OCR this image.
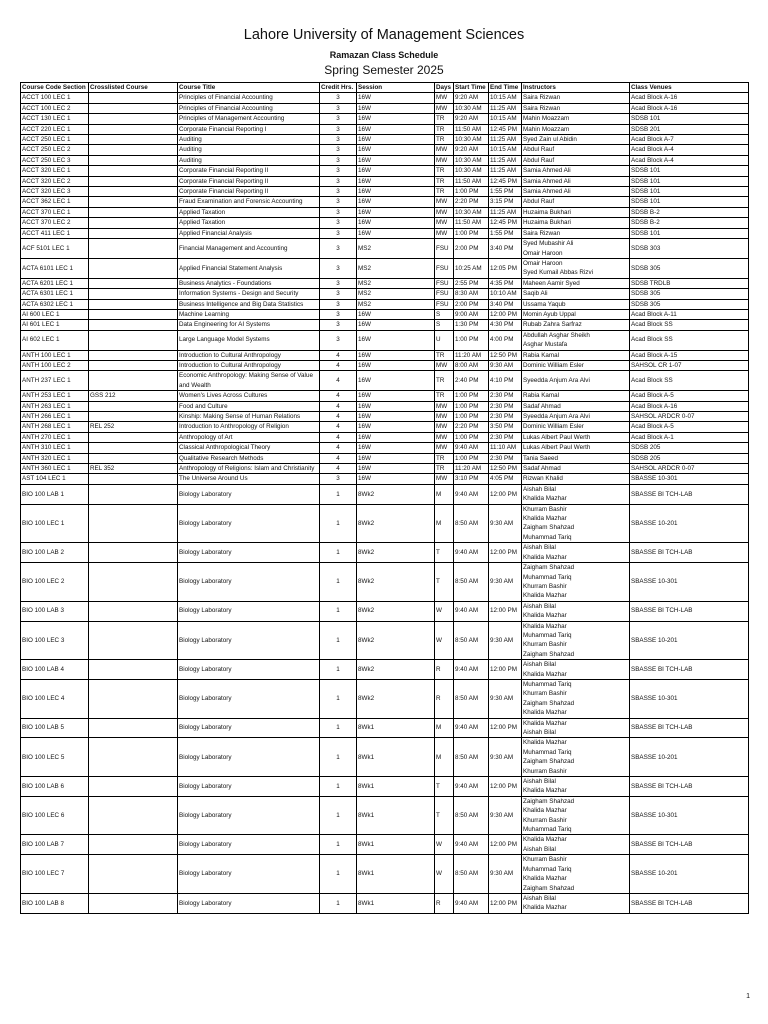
Lahore University of Management Sciences
Ramazan Class Schedule
Spring Semester 2025
Course Code Section	Crosslisted Course	Course Title	Credit Hrs.	Session	Days	Start Time	End Time	Instructors	Class Venues
ACCT 100 LEC 1		Principles of Financial Accounting	3	16W	MW	9:20 AM	10:15 AM	Saira Rizwan	Acad Block A-16
ACCT 100 LEC 2		Principles of Financial Accounting	3	16W	MW	10:30 AM	11:25 AM	Saira Rizwan	Acad Block A-16
ACCT 130 LEC 1		Principles of Management Accounting	3	16W	TR	9:20 AM	10:15 AM	Mahin Moazzam	SDSB 101
ACCT 220 LEC 1		Corporate Financial Reporting I	3	16W	TR	11:50 AM	12:45 PM	Mahin Moazzam	SDSB 201
ACCT 250 LEC 1		Auditing	3	16W	TR	10:30 AM	11:25 AM	Syed Zain ul Abidin	Acad Block A-7
ACCT 250 LEC 2		Auditing	3	16W	MW	9:20 AM	10:15 AM	Abdul Rauf	Acad Block A-4
ACCT 250 LEC 3		Auditing	3	16W	MW	10:30 AM	11:25 AM	Abdul Rauf	Acad Block A-4
ACCT 320 LEC 1		Corporate Financial Reporting II	3	16W	TR	10:30 AM	11:25 AM	Samia Ahmed Ali	SDSB 101
ACCT 320 LEC 2		Corporate Financial Reporting II	3	16W	TR	11:50 AM	12:45 PM	Samia Ahmed Ali	SDSB 101
ACCT 320 LEC 3		Corporate Financial Reporting II	3	16W	TR	1:00 PM	1:55 PM	Samia Ahmed Ali	SDSB 101
ACCT 362 LEC 1		Fraud Examination and Forensic Accounting	3	16W	MW	2:20 PM	3:15 PM	Abdul Rauf	SDSB 101
ACCT 370 LEC 1		Applied Taxation	3	16W	MW	10:30 AM	11:25 AM	Huzaima Bukhari	SDSB B-2
ACCT 370 LEC 2		Applied Taxation	3	16W	MW	11:50 AM	12:45 PM	Huzaima Bukhari	SDSB B-2
ACCT 411 LEC 1		Applied Financial Analysis	3	16W	MW	1:00 PM	1:55 PM	Saira Rizwan	SDSB 101
ACF 5101 LEC 1		Financial Management and Accounting	3	MS2	FSU	2:00 PM	3:40 PM	Syed Mubashir Ali
Omair Haroon	SDSB 303
ACTA 6101 LEC 1		Applied Financial Statement Analysis	3	MS2	FSU	10:25 AM	12:05 PM	Omair Haroon
Syed Kumail Abbas Rizvi	SDSB 305
ACTA 6201 LEC 1		Business Analytics - Foundations	3	MS2	FSU	2:55 PM	4:35 PM	Maheen Aamir Syed	SDSB TRDLB
ACTA 6301 LEC 1		Information Systems - Design and Security	3	MS2	FSU	8:30 AM	10:10 AM	Saqib Ali	SDSB 305
ACTA 6302 LEC 1		Business Intelligence and Big Data Statistics	3	MS2	FSU	2:00 PM	3:40 PM	Ussama Yaqub	SDSB 305
AI 600 LEC 1		Machine Learning	3	16W	S	9:00 AM	12:00 PM	Momin Ayub Uppal	Acad Block A-11
AI 601 LEC 1		Data Engineering for AI Systems	3	16W	S	1:30 PM	4:30 PM	Rubab Zahra Sarfraz	Acad Block SS
AI 602 LEC 1		Large Language Model Systems	3	16W	U	1:00 PM	4:00 PM	Abdullah Asghar Sheikh
Asghar Mustafa	Acad Block SS
ANTH 100 LEC 1		Introduction to Cultural Anthropology	4	16W	TR	11:20 AM	12:50 PM	Rabia Kamal	Acad Block A-15
ANTH 100 LEC 2		Introduction to Cultural Anthropology	4	16W	MW	8:00 AM	9:30 AM	Dominic William Esler	SAHSOL CR 1-07
ANTH 237 LEC 1		Economic Anthropology: Making Sense of Value and Wealth	4	16W	TR	2:40 PM	4:10 PM	Syeedda Anjum Ara Alvi	Acad Block SS
ANTH 253 LEC 1	GSS 212	Women's Lives Across Cultures	4	16W	TR	1:00 PM	2:30 PM	Rabia Kamal	Acad Block A-5
ANTH 263 LEC 1		Food and Culture	4	16W	MW	1:00 PM	2:30 PM	Sadaf Ahmad	Acad Block A-16
ANTH 266 LEC 1		Kinship: Making Sense of Human Relations	4	16W	MW	1:00 PM	2:30 PM	Syeedda Anjum Ara Alvi	SAHSOL ARDCR 0-07
ANTH 268 LEC 1	REL 252	Introduction to Anthropology of Religion	4	16W	MW	2:20 PM	3:50 PM	Dominic William Esler	Acad Block A-5
ANTH 270 LEC 1		Anthropology of Art	4	16W	MW	1:00 PM	2:30 PM	Lukas Albert Paul Werth	Acad Block A-1
ANTH 310 LEC 1		Classical Anthropological Theory	4	16W	MW	9:40 AM	11:10 AM	Lukas Albert Paul Werth	SDSB 205
ANTH 320 LEC 1		Qualitative Research Methods	4	16W	TR	1:00 PM	2:30 PM	Tania Saeed	SDSB 205
ANTH 360 LEC 1	REL 352	Anthropology of Religions: Islam and Christianity	4	16W	TR	11:20 AM	12:50 PM	Sadaf Ahmad	SAHSOL ARDCR 0-07
AST 104 LEC 1		The Universe Around Us	3	16W	MW	3:10 PM	4:05 PM	Rizwan Khalid	SBASSE 10-301
BIO 100 LAB 1		Biology Laboratory	1	8Wk2	M	9:40 AM	12:00 PM	Aishah Bilal
Khalida Mazhar	SBASSE BI TCH-LAB
BIO 100 LEC 1		Biology Laboratory	1	8Wk2	M	8:50 AM	9:30 AM	Khurram Bashir
Khalida Mazhar
Zaigham Shahzad
Muhammad Tariq	SBASSE 10-201
BIO 100 LAB 2		Biology Laboratory	1	8Wk2	T	9:40 AM	12:00 PM	Aishah Bilal
Khalida Mazhar	SBASSE BI TCH-LAB
BIO 100 LEC 2		Biology Laboratory	1	8Wk2	T	8:50 AM	9:30 AM	Zaigham Shahzad
Muhammad Tariq
Khurram Bashir
Khalida Mazhar	SBASSE 10-301
BIO 100 LAB 3		Biology Laboratory	1	8Wk2	W	9:40 AM	12:00 PM	Aishah Bilal
Khalida Mazhar	SBASSE BI TCH-LAB
BIO 100 LEC 3		Biology Laboratory	1	8Wk2	W	8:50 AM	9:30 AM	Khalida Mazhar
Muhammad Tariq
Khurram Bashir
Zaigham Shahzad	SBASSE 10-201
BIO 100 LAB 4		Biology Laboratory	1	8Wk2	R	9:40 AM	12:00 PM	Aishah Bilal
Khalida Mazhar	SBASSE BI TCH-LAB
BIO 100 LEC 4		Biology Laboratory	1	8Wk2	R	8:50 AM	9:30 AM	Muhammad Tariq
Khurram Bashir
Zaigham Shahzad
Khalida Mazhar	SBASSE 10-301
BIO 100 LAB 5		Biology Laboratory	1	8Wk1	M	9:40 AM	12:00 PM	Khalida Mazhar
Aishah Bilal	SBASSE BI TCH-LAB
BIO 100 LEC 5		Biology Laboratory	1	8Wk1	M	8:50 AM	9:30 AM	Khalida Mazhar
Muhammad Tariq
Zaigham Shahzad
Khurram Bashir	SBASSE 10-201
BIO 100 LAB 6		Biology Laboratory	1	8Wk1	T	9:40 AM	12:00 PM	Aishah Bilal
Khalida Mazhar	SBASSE BI TCH-LAB
BIO 100 LEC 6		Biology Laboratory	1	8Wk1	T	8:50 AM	9:30 AM	Zaigham Shahzad
Khalida Mazhar
Khurram Bashir
Muhammad Tariq	SBASSE 10-301
BIO 100 LAB 7		Biology Laboratory	1	8Wk1	W	9:40 AM	12:00 PM	Khalida Mazhar
Aishah Bilal	SBASSE BI TCH-LAB
BIO 100 LEC 7		Biology Laboratory	1	8Wk1	W	8:50 AM	9:30 AM	Khurram Bashir
Muhammad Tariq
Khalida Mazhar
Zaigham Shahzad	SBASSE 10-201
BIO 100 LAB 8		Biology Laboratory	1	8Wk1	R	9:40 AM	12:00 PM	Aishah Bilal
Khalida Mazhar	SBASSE BI TCH-LAB
1
